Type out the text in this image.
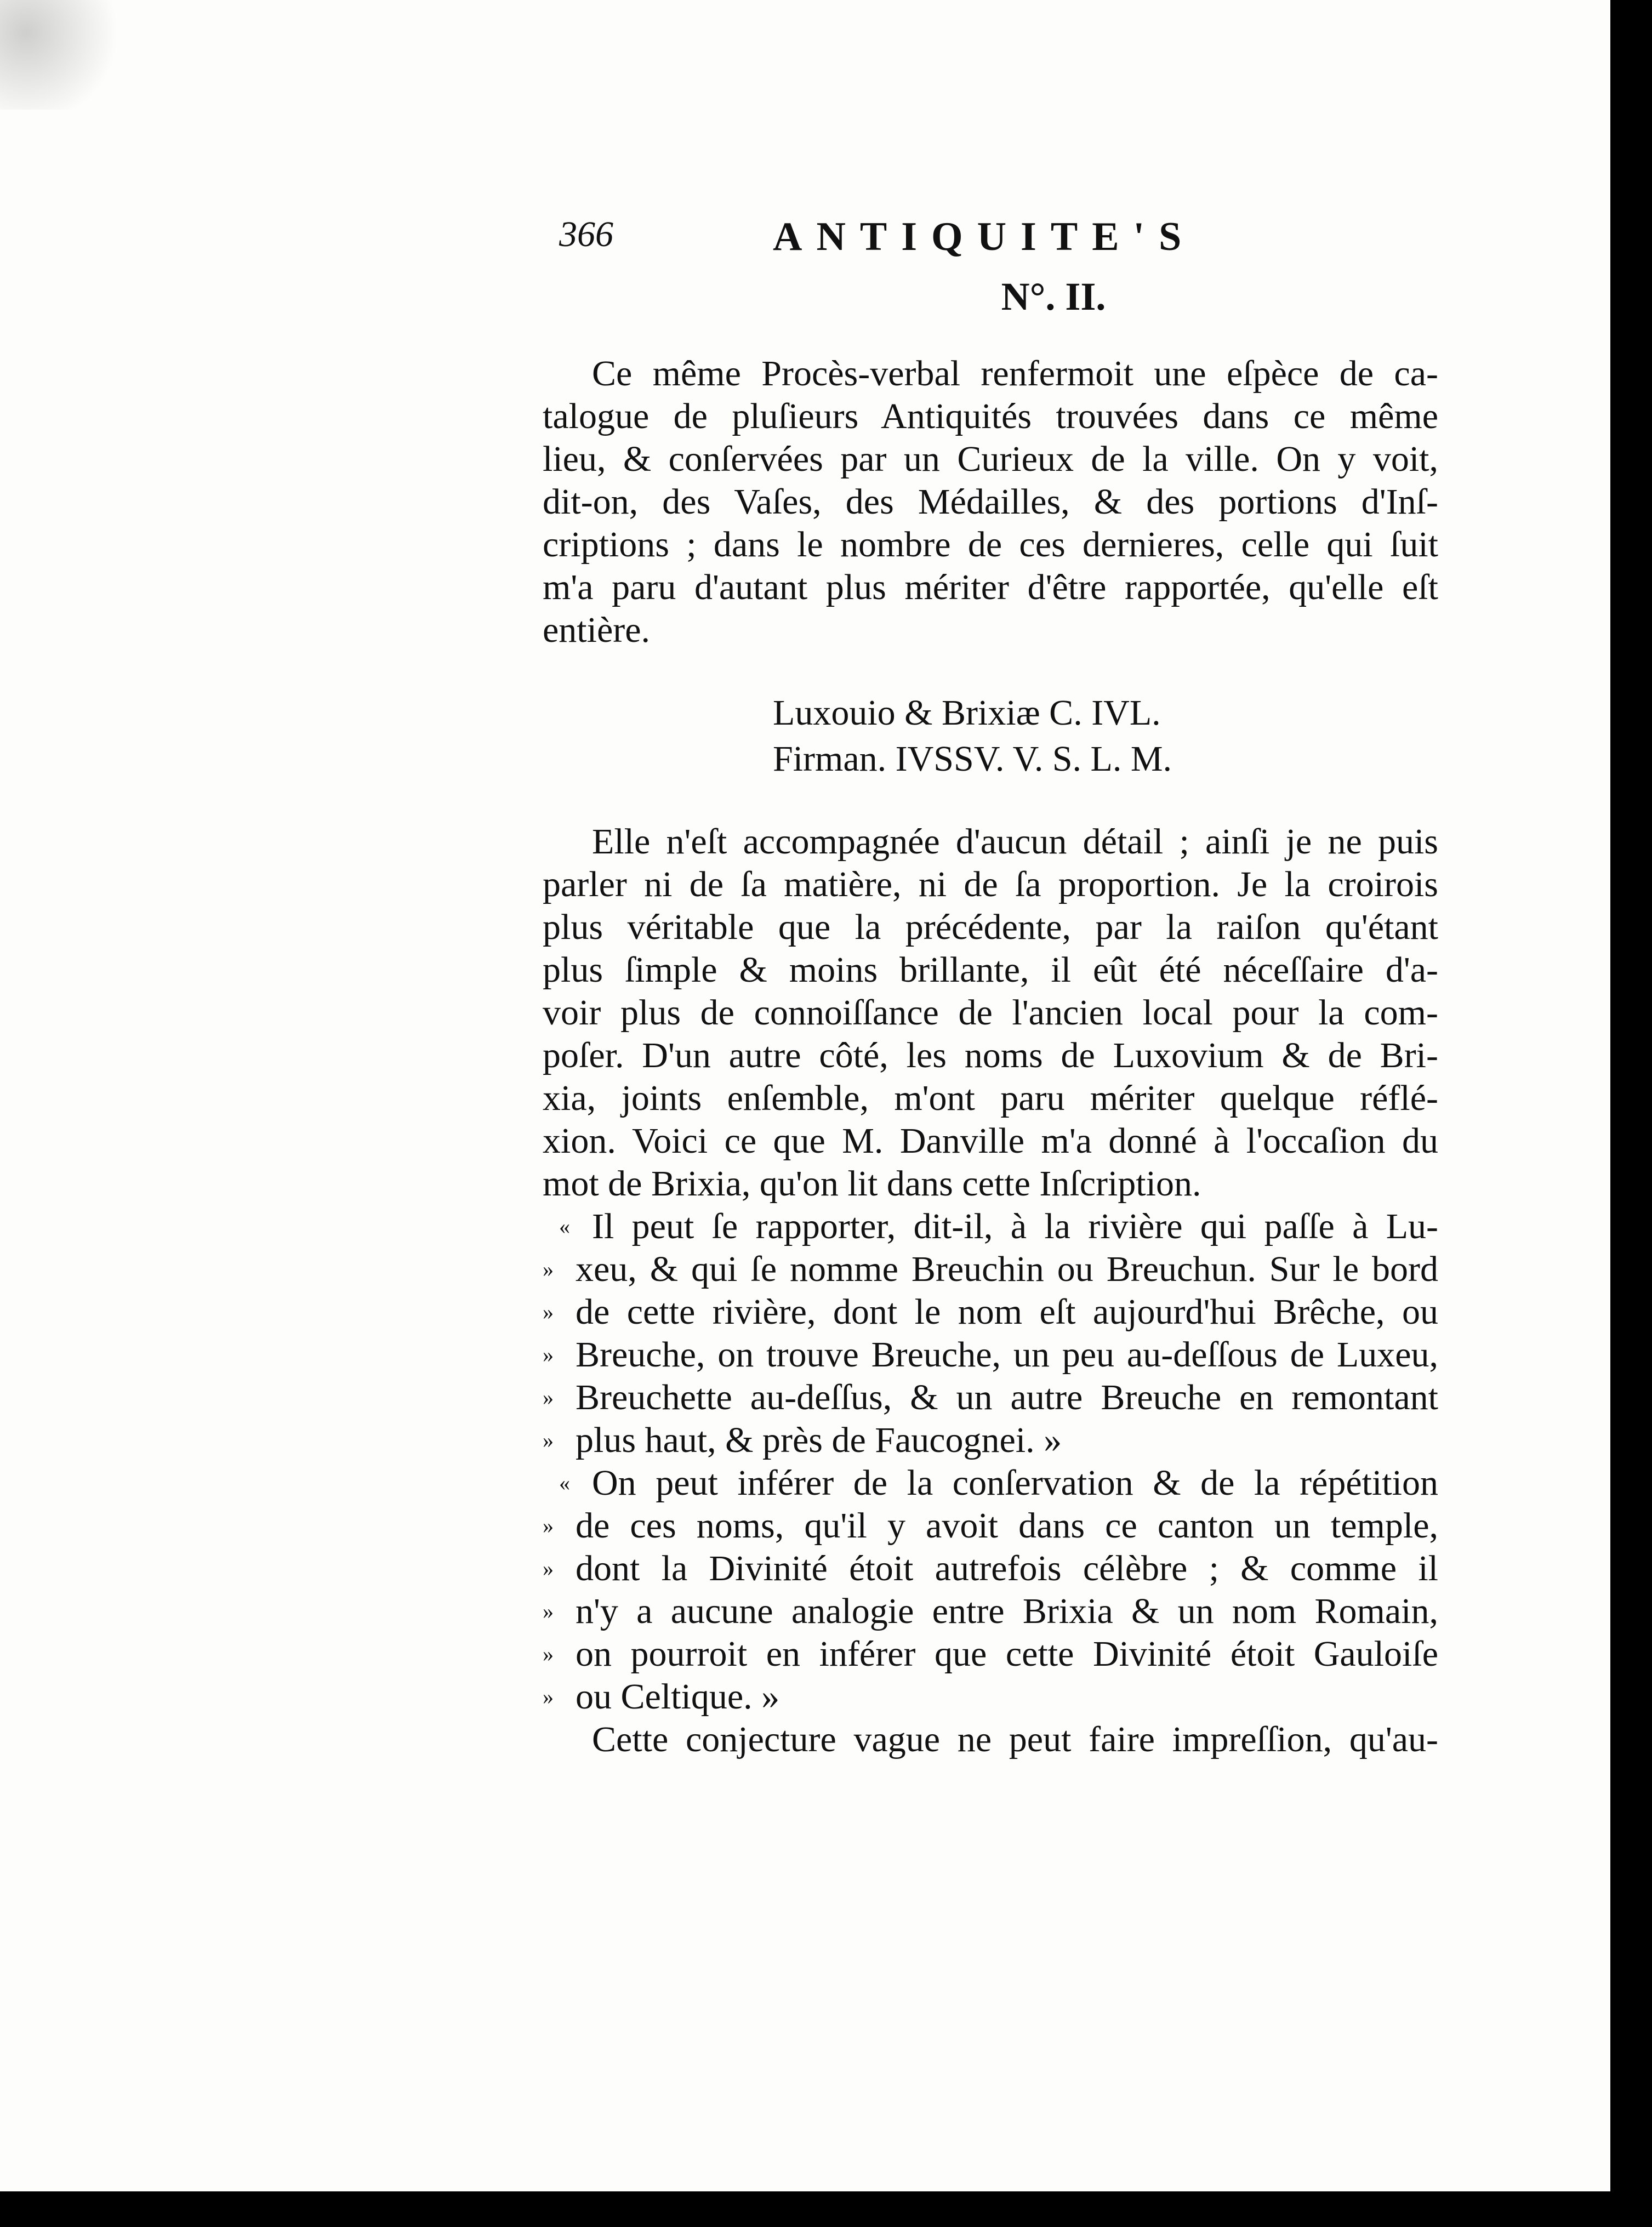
366	ANTIQUITE'S
N°. II.
Ce même Procès-verbal renfermoit une eſpèce de ca-
talogue de pluſieurs Antiquités trouvées dans ce même
lieu, & conſervées par un Curieux de la ville. On y voit,
dit-on, des Vaſes, des Médailles, & des portions d'Inſ-
criptions ; dans le nombre de ces dernieres, celle qui ſuit
m'a paru d'autant plus mériter d'être rapportée, qu'elle eſt
entière.
Luxouio & Brixiæ C. IVL.
Firman. IVSSV. V. S. L. M.
Elle n'eſt accompagnée d'aucun détail ; ainſi je ne puis
parler ni de ſa matière, ni de ſa proportion. Je la croirois
plus véritable que la précédente, par la raiſon qu'étant
plus ſimple & moins brillante, il eût été néceſſaire d'a-
voir plus de connoiſſance de l'ancien local pour la com-
poſer. D'un autre côté, les noms de Luxovium & de Bri-
xia, joints enſemble, m'ont paru mériter quelque réflé-
xion. Voici ce que M. Danville m'a donné à l'occaſion du
mot de Brixia, qu'on lit dans cette Inſcription.
« Il peut ſe rapporter, dit-il, à la rivière qui paſſe à Lu-
» xeu, & qui ſe nomme Breuchin ou Breuchun. Sur le bord
» de cette rivière, dont le nom eſt aujourd'hui Brêche, ou
» Breuche, on trouve Breuche, un peu au-deſſous de Luxeu,
» Breuchette au-deſſus, & un autre Breuche en remontant
» plus haut, & près de Faucognei. »
« On peut inférer de la conſervation & de la répétition
» de ces noms, qu'il y avoit dans ce canton un temple,
» dont la Divinité étoit autrefois célèbre ; & comme il
» n'y a aucune analogie entre Brixia & un nom Romain,
» on pourroit en inférer que cette Divinité étoit Gauloiſe
» ou Celtique. »
Cette conjecture vague ne peut faire impreſſion, qu'au-
